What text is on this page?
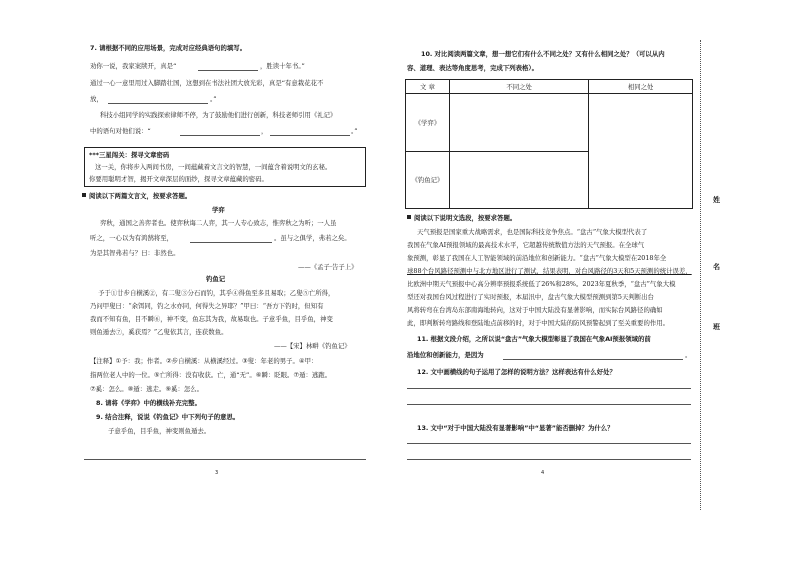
7. 请根据不同的应用场景，完成对应经典语句的填写。
劝你一说，我家案牍开，真是“	，胜读十年书。”
通过一心一意里用过入脚踏壮国，这想到在书法社团大放光彩，真是“有意栽花花不
放，	。”
科技小组同学的实践探索律师不停，为了鼓励他们进行创新，科技老师引用《礼记》
中的语句对他们说：“	，	。”
***三星闯关：探寻文章密码
这一关，你将步入两间书房，一间蕴藏着文言文的智慧，一间蕴含着说明文的玄秘。
你要用聪明才智，揭开文章深层的面纱，探寻文章蕴藏的密码。
阅读以下两篇文言文，按要求答题。
学弈
弈秋，通国之善弈者也。使弈秋诲二人弈，其一人专心致志，惟弈秋之为听；一人虽
听之，一心以为有鸿鹄将至，	。虽与之俱学，弗若之矣。
为是其智弗若与？曰：非然也。
——《孟子·告子上》
钓鱼记
予于①廿步自横溪②，有二叟③分石而钓，其乎④得鱼至多且易取；乙叟⑤亡所得，
乃问甲叟曰：“余饵同，钓之水亦同，何得失之异耶？”甲曰：“吾方下钓时，但知有
我而不知有鱼，目不瞬⑥，神不变，鱼忘其为我，故易取也。子意乎鱼，目乎鱼，神变
则鱼遁去⑦，奚获焉？”乙叟依其言，连获数鱼。
——【宋】林畊《钓鱼记》
【注释】①予：我；作者。②步自横溪：从横溪经过。③叟：年老的男子。④甲：
指两位老人中的一位。⑤亡所得：没有收获。亡，通“无”。⑥瞬：眨眼。⑦遁：逃跑。
⑦奚：怎么。⑧遁：逃走。⑨奚：怎么。
8. 请将《学弈》中的横线补充完整。
9. 结合注释，说说《钓鱼记》中下列句子的意思。
子意乎鱼，目乎鱼，神变则鱼遁去。
3
10. 对比阅读两篇文章，想一想它们有什么不同之处？又有什么相同之处？（可以从内
容、道理、表达等角度思考，完成下列表格）。
文 章	不同之处	相同之处
《学弈》		
《钓鱼记》		
阅读以下说明文选段，按要求答题。
天气预报是国家重大战略需求，也是国际科技竞争焦点。“盘古”气象大模型代表了
我国在气象AI预报领域的最高技术水平，它超越传统数值方法的天气预报。在全球气
象预测，彰显了我国在人工智能领域的前沿地位和创新能力。“盘古”气象大模型在2018年全
球88个台风路径预测中与北方地区进行了测试，结果表明，对台风路径的3天和5天预测的统计误差，
比欧洲中期天气预报中心高分辨率预报系统低了26%和28%。2023年夏秋季，“盘古”气象大模
型还对我国台风过程进行了实时预报，本届汛中，盘古气象大模型预测到第5天判断出台
风将转弯在台湾岛东部南海地转向，这对于中国大陆没有显著影响，而实际台风路径的确如
此，即判断转弯路线和登陆地点前移的时，对于中国大陆的防风预警起到了至关重要的作用。
11. 根据文段介绍，之所以说“盘古”气象大模型彰显了我国在气象AI预报领域的前
沿地位和创新能力，是因为	。
12. 文中画横线的句子运用了怎样的说明方法？这样表达有什么好处？
13. 文中“对于中国大陆没有显著影响”中“显著”能否删掉？为什么？
4
姓
名
班
